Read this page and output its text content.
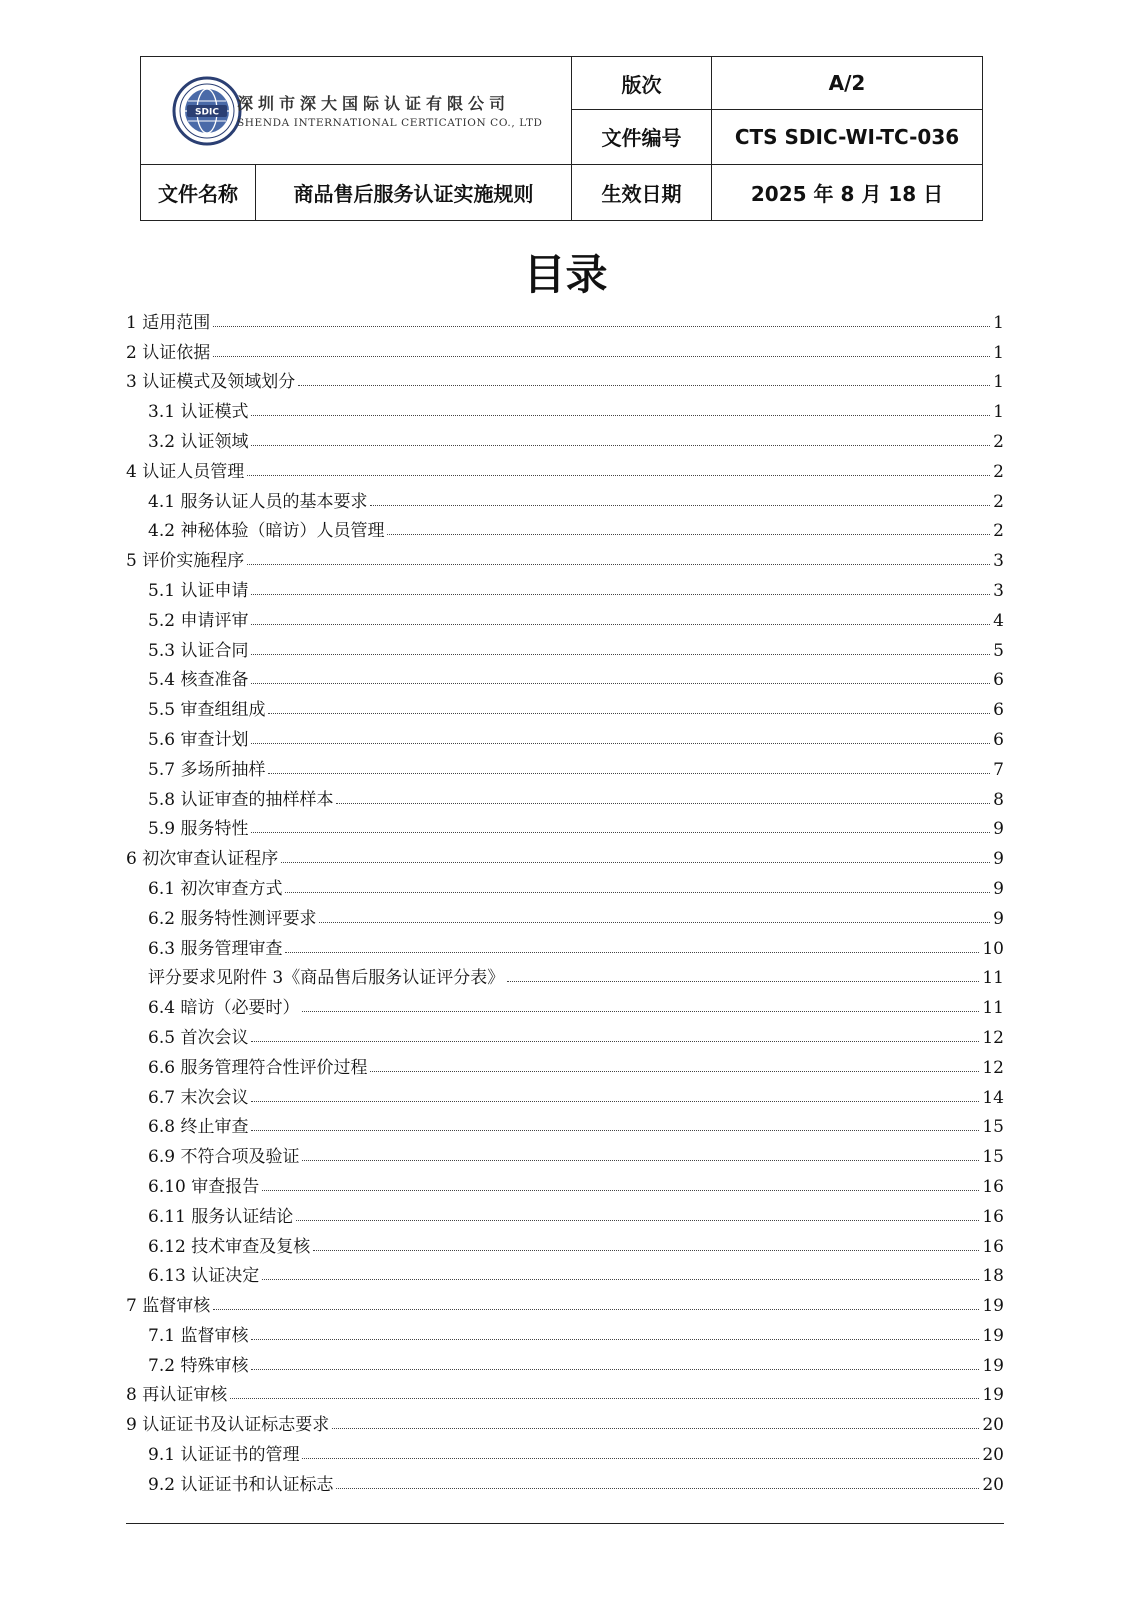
SDIC 深圳市深大国际认证有限公司
SHENDA INTERNATIONAL CERTICATION CO., LTD		版次	A/2
		文件编号	CTS SDIC-WI-TC-036
文件名称	商品售后服务认证实施规则	生效日期	2025 年 8 月 18 日
目录
1 适用范围	1
2 认证依据	1
3 认证模式及领域划分	1
3.1 认证模式	1
3.2 认证领域	2
4 认证人员管理	2
4.1 服务认证人员的基本要求	2
4.2 神秘体验（暗访）人员管理	2
5 评价实施程序	3
5.1 认证申请	3
5.2 申请评审	4
5.3 认证合同	5
5.4 核查准备	6
5.5 审查组组成	6
5.6 审查计划	6
5.7 多场所抽样	7
5.8 认证审查的抽样样本	8
5.9 服务特性	9
6 初次审查认证程序	9
6.1 初次审查方式	9
6.2 服务特性测评要求	9
6.3 服务管理审查	10
评分要求见附件 3《商品售后服务认证评分表》	11
6.4 暗访（必要时）	11
6.5 首次会议	12
6.6 服务管理符合性评价过程	12
6.7 末次会议	14
6.8 终止审查	15
6.9 不符合项及验证	15
6.10 审查报告	16
6.11 服务认证结论	16
6.12 技术审查及复核	16
6.13 认证决定	18
7 监督审核	19
7.1 监督审核	19
7.2 特殊审核	19
8 再认证审核	19
9 认证证书及认证标志要求	20
9.1 认证证书的管理	20
9.2 认证证书和认证标志	20
